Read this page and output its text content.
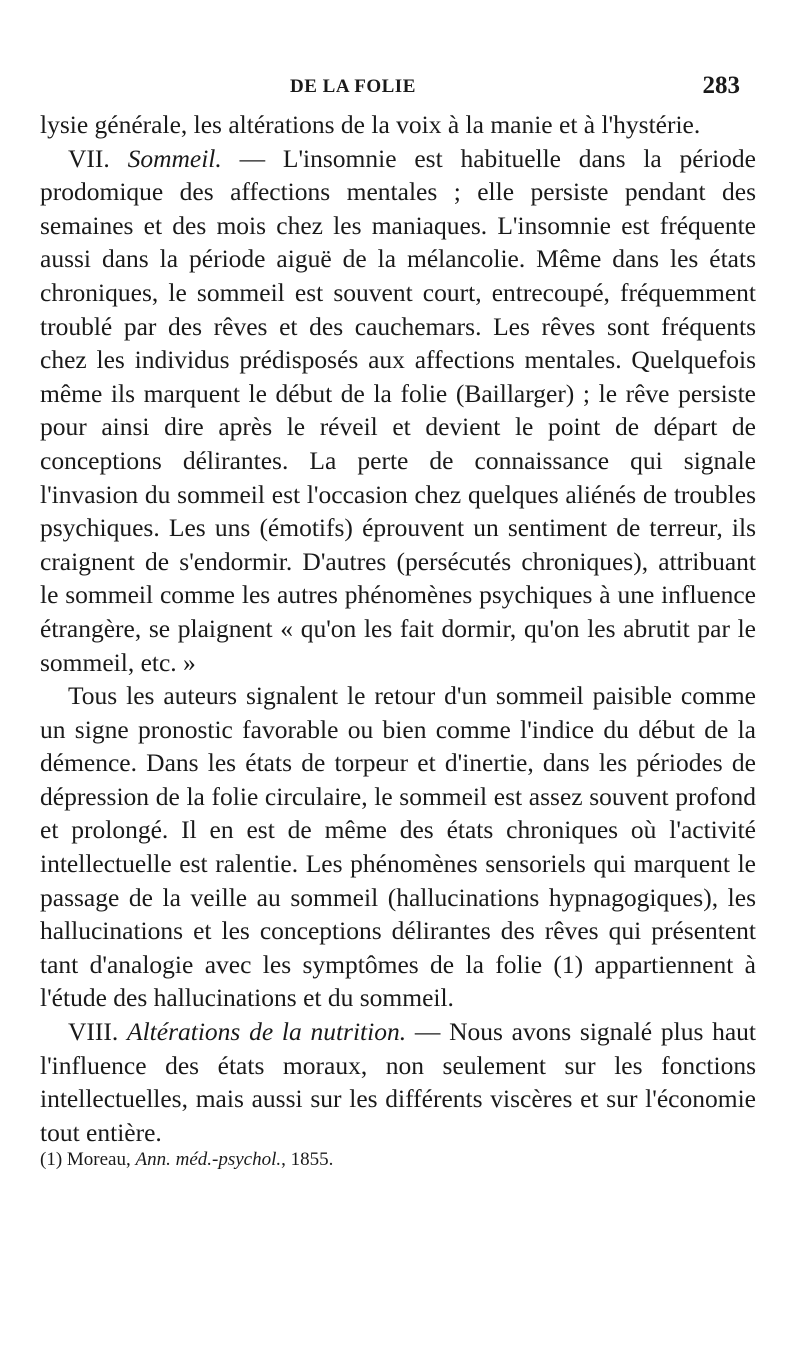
DE LA FOLIE	283

lysie générale, les altérations de la voix à la manie et à l'hystérie.

VII. Sommeil. — L'insomnie est habituelle dans la période prodomique des affections mentales ; elle persiste pendant des semaines et des mois chez les maniaques. L'insomnie est fréquente aussi dans la période aiguë de la mélancolie. Même dans les états chroniques, le sommeil est souvent court, entrecoupé, fréquemment troublé par des rêves et des cauchemars. Les rêves sont fréquents chez les individus prédisposés aux affections mentales. Quelquefois même ils marquent le début de la folie (Baillarger) ; le rêve persiste pour ainsi dire après le réveil et devient le point de départ de conceptions délirantes. La perte de connaissance qui signale l'invasion du sommeil est l'occasion chez quelques aliénés de troubles psychiques. Les uns (émotifs) éprouvent un sentiment de terreur, ils craignent de s'endormir. D'autres (persécutés chroniques), attribuant le sommeil comme les autres phénomènes psychiques à une influence étrangère, se plaignent « qu'on les fait dormir, qu'on les abrutit par le sommeil, etc. »

Tous les auteurs signalent le retour d'un sommeil paisible comme un signe pronostic favorable ou bien comme l'indice du début de la démence. Dans les états de torpeur et d'inertie, dans les périodes de dépression de la folie circulaire, le sommeil est assez souvent profond et prolongé. Il en est de même des états chroniques où l'activité intellectuelle est ralentie. Les phénomènes sensoriels qui marquent le passage de la veille au sommeil (hallucinations hypnagogiques), les hallucinations et les conceptions délirantes des rêves qui présentent tant d'analogie avec les symptômes de la folie (1) appartiennent à l'étude des hallucinations et du sommeil.

VIII. Altérations de la nutrition. — Nous avons signalé plus haut l'influence des états moraux, non seulement sur les fonctions intellectuelles, mais aussi sur les différents viscères et sur l'économie tout entière.

(1) Moreau, Ann. méd.-psychol., 1855.
